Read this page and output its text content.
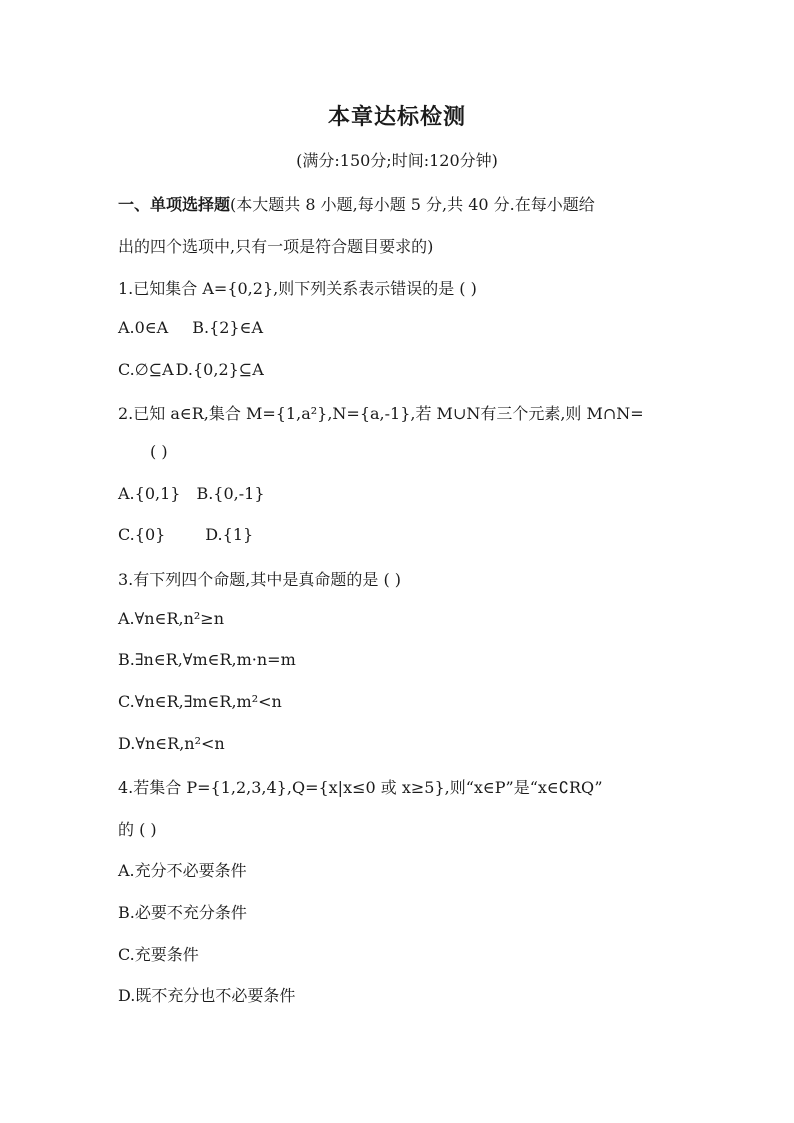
本章达标检测
(满分:150分;时间:120分钟)
一、单项选择题(本大题共 8 小题,每小题 5 分,共 40 分.在每小题给
出的四个选项中,只有一项是符合题目要求的)
1.已知集合 A={0,2},则下列关系表示错误的是 ( )
A.0∈A B.{2}∈A
C.∅⊆A D.{0,2}⊆A
2.已知 a∈R,集合 M={1,a²},N={a,-1},若 M∪N有三个元素,则 M∩N=
( )
A.{0,1} B.{0,-1}
C.{0}	D.{1}
3.有下列四个命题,其中是真命题的是 ( )
A.∀n∈R,n²≥n
B.∃n∈R,∀m∈R,m·n=m
C.∀n∈R,∃m∈R,m²<n
D.∀n∈R,n²<n
4.若集合 P={1,2,3,4},Q={x|x≤0 或 x≥5},则“x∈P”是“x∈∁RQ”
的 ( )
A.充分不必要条件
B.必要不充分条件
C.充要条件
D.既不充分也不必要条件
